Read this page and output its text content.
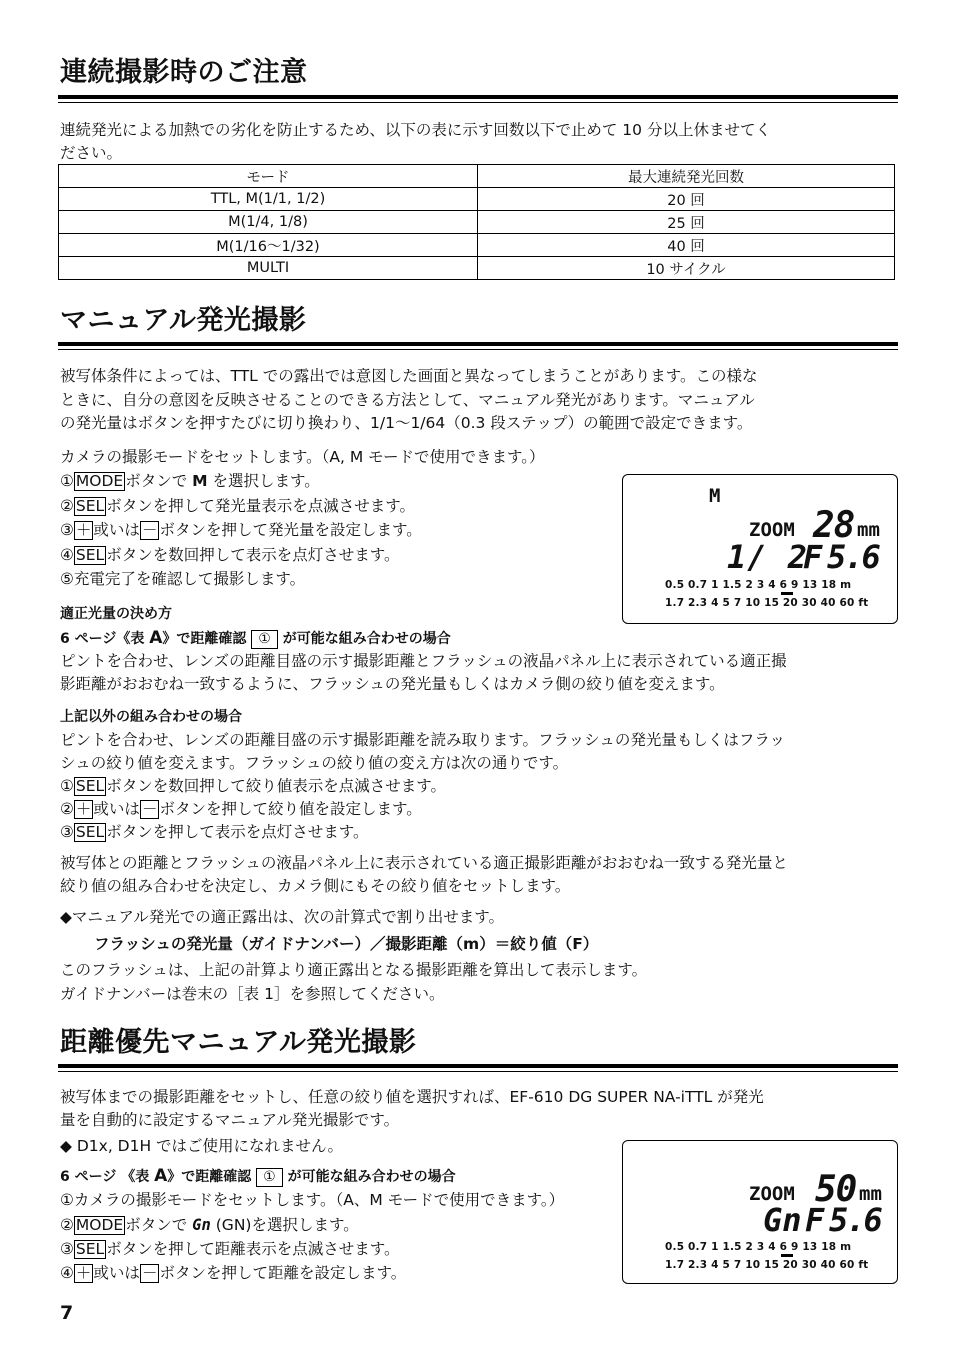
連続撮影時のご注意
連続発光による加熱での劣化を防止するため、以下の表に示す回数以下で止めて 10 分以上休ませてく
ださい。
モード	最大連続発光回数
TTL, M(1/1, 1/2)	20 回
M(1/4, 1/8)	25 回
M(1/16～1/32)	40 回
MULTI	10 サイクル
マニュアル発光撮影
被写体条件によっては、TTL での露出では意図した画面と異なってしまうことがあります。この様な
ときに、自分の意図を反映させることのできる方法として、マニュアル発光があります。マニュアル
の発光量はボタンを押すたびに切り換わり、1/1～1/64（0.3 段ステップ）の範囲で設定できます。
カメラの撮影モードをセットします。（A, M モードで使用できます。）
① MODE ボタンで M を選択します。
② SEL ボタンを押して発光量表示を点滅させます。
③ ＋ 或いは － ボタンを押して発光量を設定します。
④ SEL ボタンを数回押して表示を点灯させます。
⑤充電完了を確認して撮影します。
M
ZOOM 28 mm
1/ 2
F 5.6
0.5 0.7 1 1.5 2 3 4 6 9 13 18 m
1.7 2.3 4 5 7 10 15 20 30 40 60 ft
適正光量の決め方
6 ページ《表 A》で距離確認 ① が可能な組み合わせの場合
ピントを合わせ、レンズの距離目盛の示す撮影距離とフラッシュの液晶パネル上に表示されている適正撮
影距離がおおむね一致するように、フラッシュの発光量もしくはカメラ側の絞り値を変えます。
上記以外の組み合わせの場合
ピントを合わせ、レンズの距離目盛の示す撮影距離を読み取ります。フラッシュの発光量もしくはフラッ
シュの絞り値を変えます。フラッシュの絞り値の変え方は次の通りです。
① SEL ボタンを数回押して絞り値表示を点滅させます。
② ＋ 或いは － ボタンを押して絞り値を設定します。
③ SEL ボタンを押して表示を点灯させます。
被写体との距離とフラッシュの液晶パネル上に表示されている適正撮影距離がおおむね一致する発光量と
絞り値の組み合わせを決定し、カメラ側にもその絞り値をセットします。
◆マニュアル発光での適正露出は、次の計算式で割り出せます。
フラッシュの発光量（ガイドナンバー）／撮影距離（m）＝絞り値（F）
このフラッシュは、上記の計算より適正露出となる撮影距離を算出して表示します。
ガイドナンバーは巻末の［表 1］を参照してください。
距離優先マニュアル発光撮影
被写体までの撮影距離をセットし、任意の絞り値を選択すれば、EF-610 DG SUPER NA-iTTL が発光
量を自動的に設定するマニュアル発光撮影です。
◆ D1x, D1H ではご使用になれません。
6 ページ 《表 A》で距離確認 ① が可能な組み合わせの場合
①カメラの撮影モードをセットします。（A、M モードで使用できます。）
② MODE ボタンで Gn (GN)を選択します。
③ SEL ボタンを押して距離表示を点滅させます。
④ ＋ 或いは － ボタンを押して距離を設定します。
ZOOM 50 mm
Gn F 5.6
0.5 0.7 1 1.5 2 3 4 6 9 13 18 m
1.7 2.3 4 5 7 10 15 20 30 40 60 ft
7
